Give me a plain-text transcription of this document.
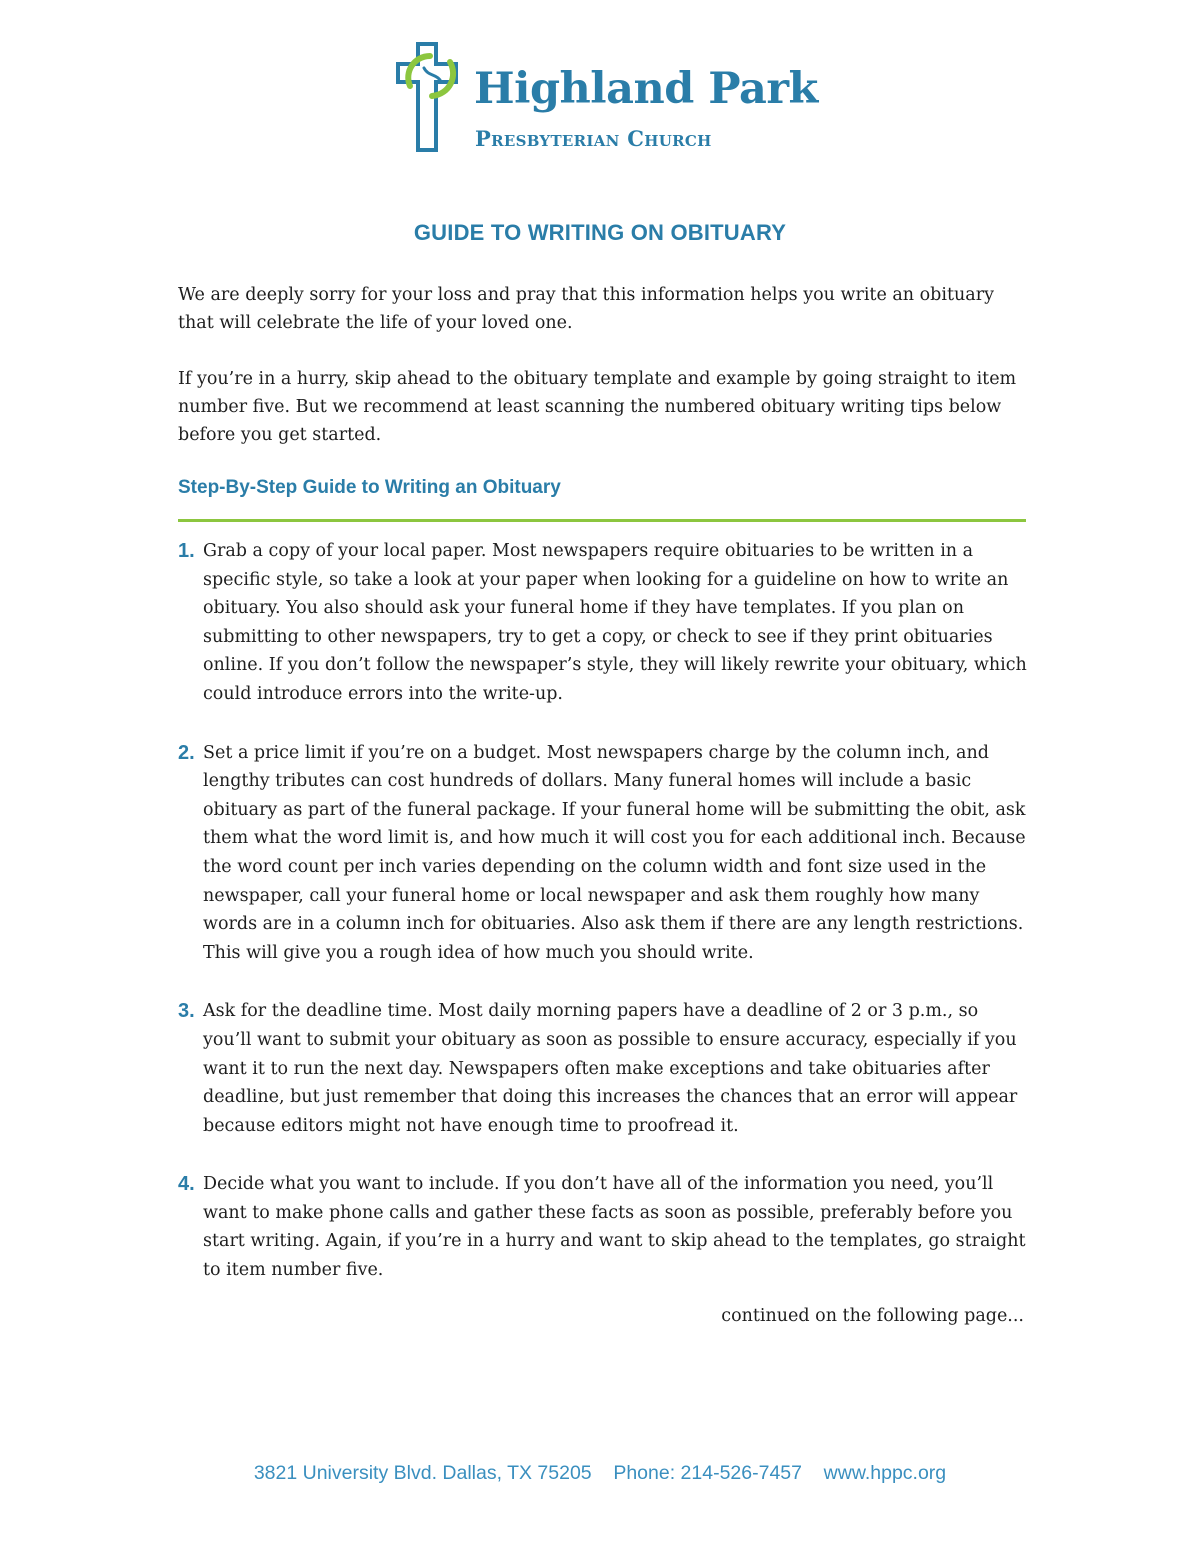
Highland Park
Presbyterian Church
GUIDE TO WRITING ON OBITUARY

We are deeply sorry for your loss and pray that this information helps you write an obituary that will celebrate the life of your loved one.

If you’re in a hurry, skip ahead to the obituary template and example by going straight to item number five. But we recommend at least scanning the numbered obituary writing tips below before you get started.

Step-By-Step Guide to Writing an Obituary
1. Grab a copy of your local paper. Most newspapers require obituaries to be written in a specific style, so take a look at your paper when looking for a guideline on how to write an obituary. You also should ask your funeral home if they have templates. If you plan on submitting to other newspapers, try to get a copy, or check to see if they print obituaries online. If you don’t follow the newspaper’s style, they will likely rewrite your obituary, which could introduce errors into the write-up.
2. Set a price limit if you’re on a budget. Most newspapers charge by the column inch, and lengthy tributes can cost hundreds of dollars. Many funeral homes will include a basic obituary as part of the funeral package. If your funeral home will be submitting the obit, ask them what the word limit is, and how much it will cost you for each additional inch. Because the word count per inch varies depending on the column width and font size used in the newspaper, call your funeral home or local newspaper and ask them roughly how many words are in a column inch for obituaries. Also ask them if there are any length restrictions. This will give you a rough idea of how much you should write.
3. Ask for the deadline time. Most daily morning papers have a deadline of 2 or 3 p.m., so you’ll want to submit your obituary as soon as possible to ensure accuracy, especially if you want it to run the next day. Newspapers often make exceptions and take obituaries after deadline, but just remember that doing this increases the chances that an error will appear because editors might not have enough time to proofread it.
4. Decide what you want to include. If you don’t have all of the information you need, you’ll want to make phone calls and gather these facts as soon as possible, preferably before you start writing. Again, if you’re in a hurry and want to skip ahead to the templates, go straight to item number five.
continued on the following page...
3821 University Blvd. Dallas, TX 75205 Phone: 214-526-7457 www.hppc.org
